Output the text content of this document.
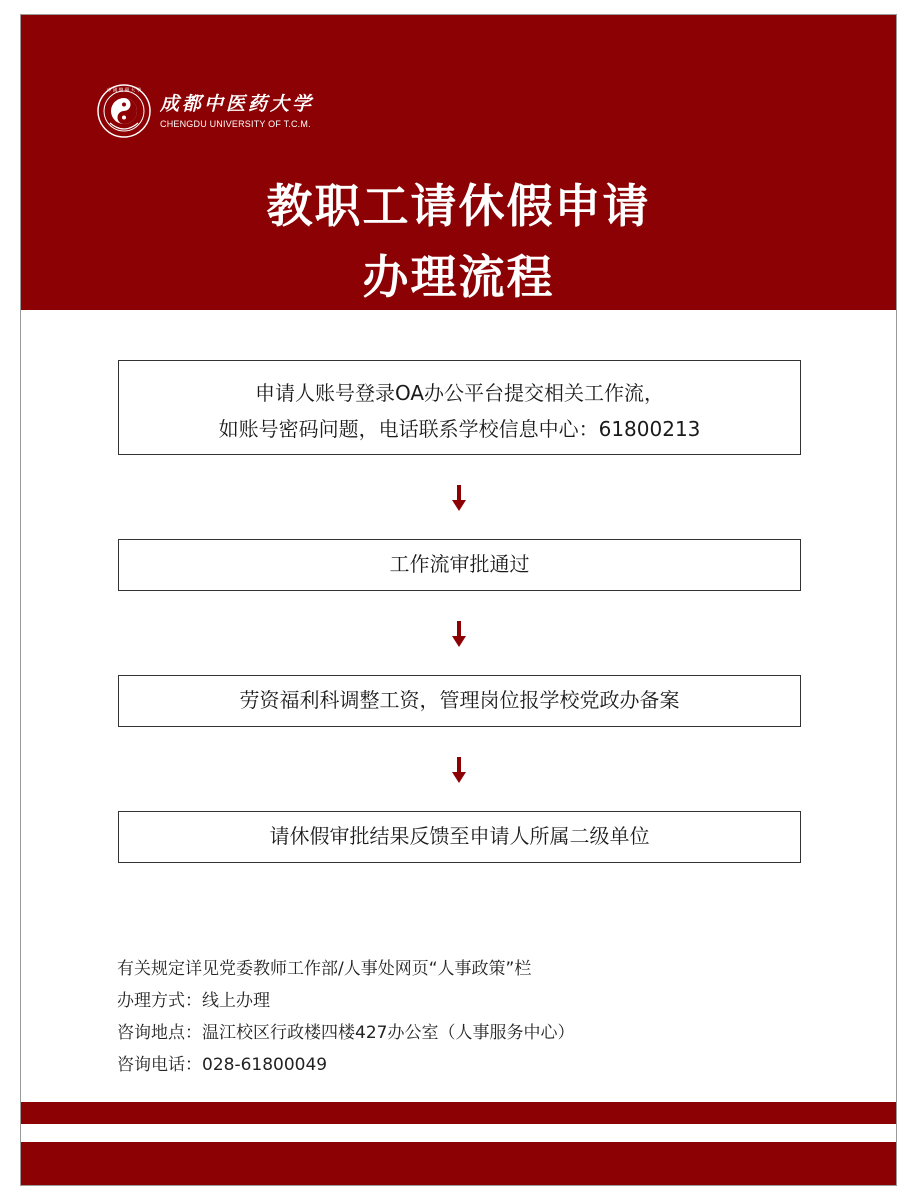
中 國 醫 藥 大 學
成都中医药大学
CHENGDU UNIVERSITY OF T.C.M.
教职工请休假申请
办理流程
申请人账号登录OA办公平台提交相关工作流，
如账号密码问题，电话联系学校信息中心：61800213
工作流审批通过
劳资福利科调整工资，管理岗位报学校党政办备案
请休假审批结果反馈至申请人所属二级单位
有关规定详见党委教师工作部/人事处网页“人事政策”栏
办理方式：线上办理
咨询地点：温江校区行政楼四楼427办公室（人事服务中心）
咨询电话：028-61800049
